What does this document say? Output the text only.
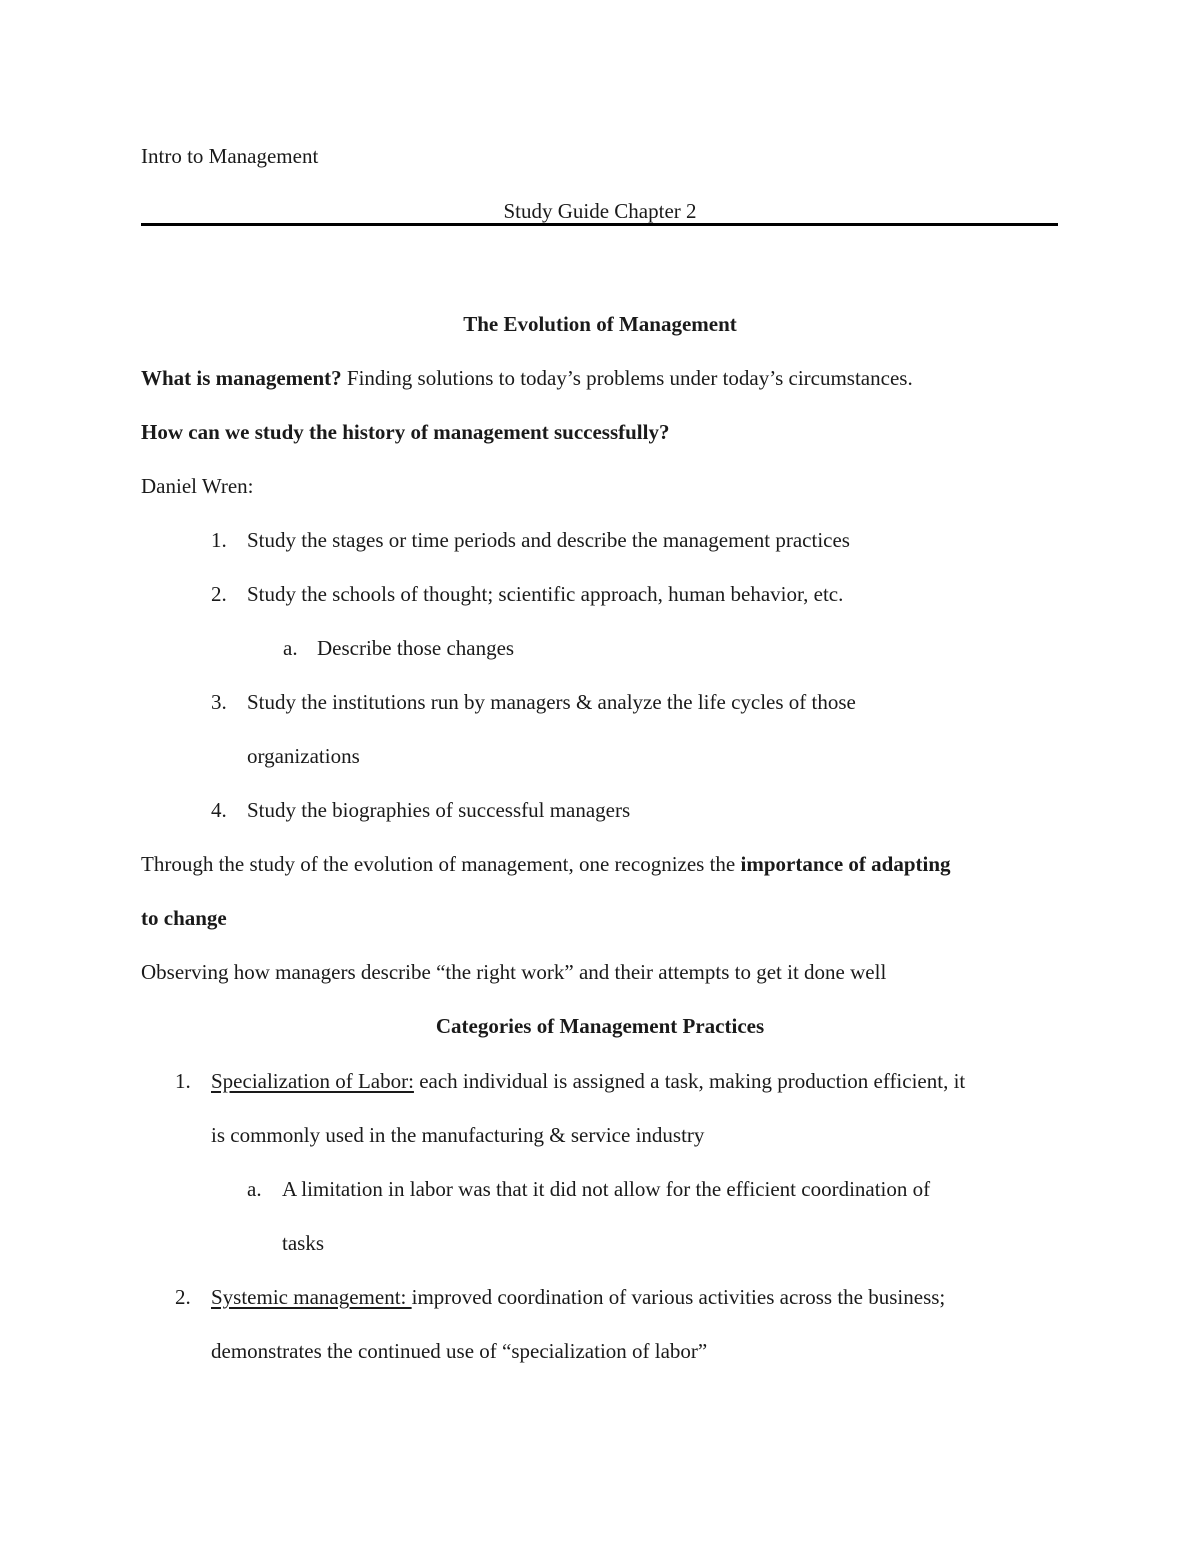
Intro to Management
Study Guide Chapter 2
The Evolution of Management
What is management? Finding solutions to today’s problems under today’s circumstances.
How can we study the history of management successfully?
Daniel Wren:
1. Study the stages or time periods and describe the management practices
2. Study the schools of thought; scientific approach, human behavior, etc.
a. Describe those changes
3. Study the institutions run by managers & analyze the life cycles of those
organizations
4. Study the biographies of successful managers
Through the study of the evolution of management, one recognizes the importance of adapting
to change
Observing how managers describe “the right work” and their attempts to get it done well
Categories of Management Practices
1. Specialization of Labor: each individual is assigned a task, making production efficient, it
is commonly used in the manufacturing & service industry
a. A limitation in labor was that it did not allow for the efficient coordination of
tasks
2. Systemic management: improved coordination of various activities across the business;
demonstrates the continued use of “specialization of labor”
